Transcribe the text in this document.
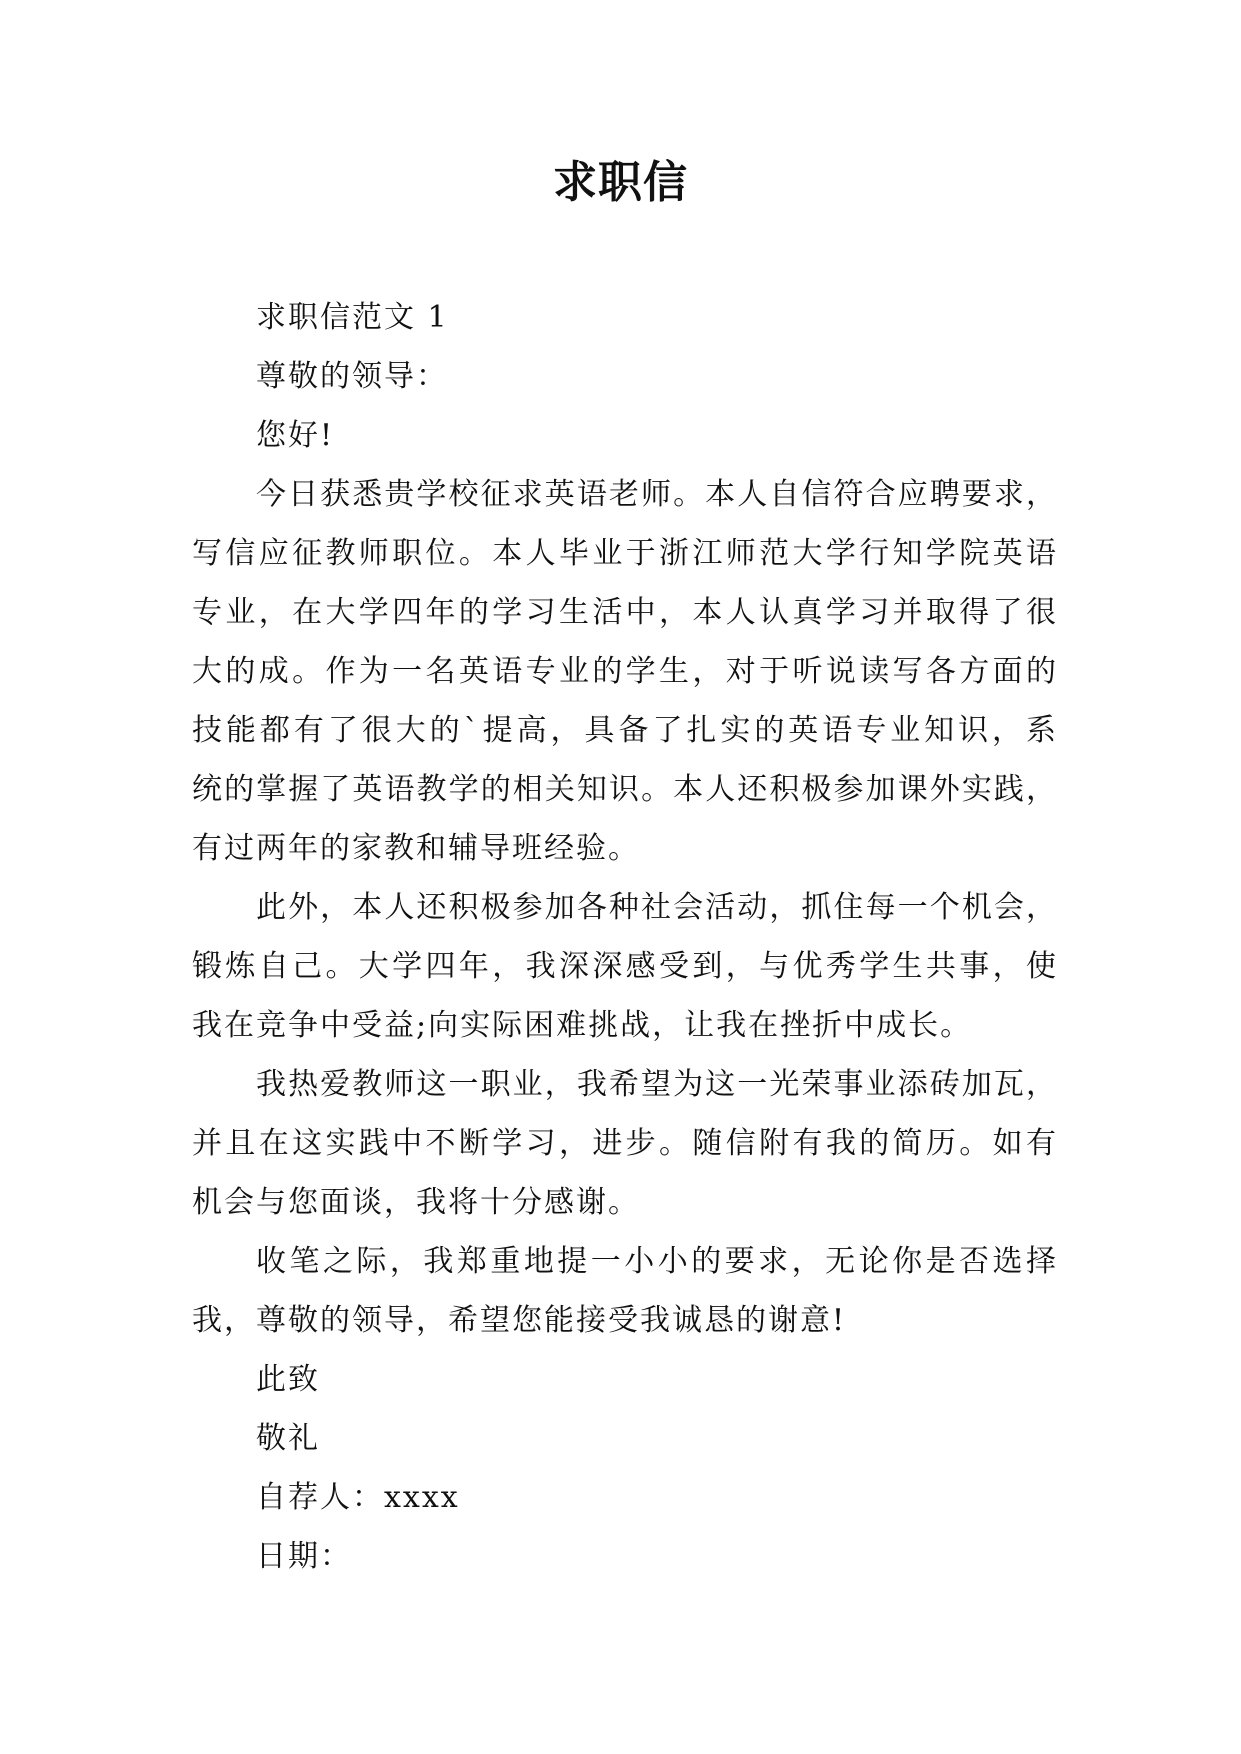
求职信
求职信范文 1
尊敬的领导：
您好!
今日获悉贵学校征求英语老师。本人自信符合应聘要求，
写信应征教师职位。本人毕业于浙江师范大学行知学院英语
专业，在大学四年的学习生活中，本人认真学习并取得了很
大的成。作为一名英语专业的学生，对于听说读写各方面的
技能都有了很大的`提高，具备了扎实的英语专业知识，系
统的掌握了英语教学的相关知识。本人还积极参加课外实践，
有过两年的家教和辅导班经验。
此外，本人还积极参加各种社会活动，抓住每一个机会，
锻炼自己。大学四年，我深深感受到，与优秀学生共事，使
我在竞争中受益;向实际困难挑战，让我在挫折中成长。
我热爱教师这一职业，我希望为这一光荣事业添砖加瓦，
并且在这实践中不断学习，进步。随信附有我的简历。如有
机会与您面谈，我将十分感谢。
收笔之际，我郑重地提一小小的要求，无论你是否选择
我，尊敬的领导，希望您能接受我诚恳的谢意!
此致
敬礼
自荐人：xxxx
日期：
